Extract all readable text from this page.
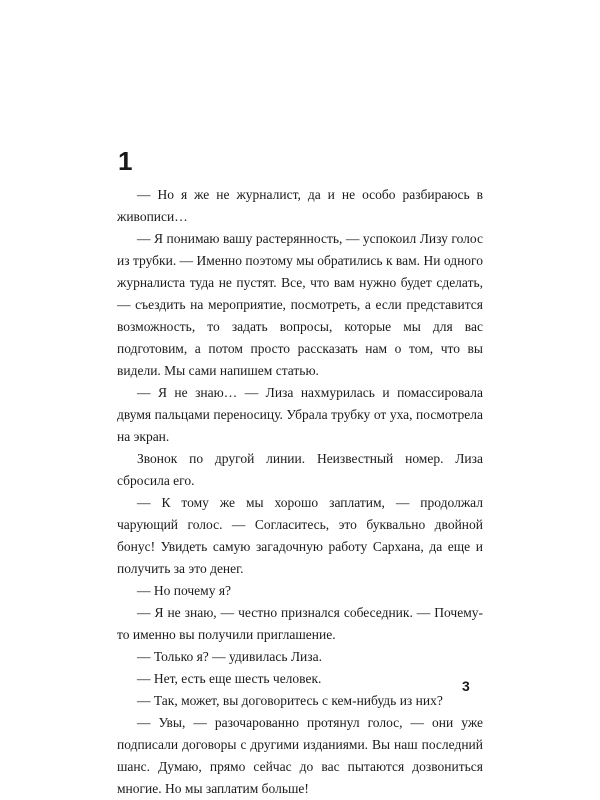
1

— Но я же не журналист, да и не особо разбираюсь в живописи…

— Я понимаю вашу растерянность, — успокоил Лизу голос из трубки. — Именно поэтому мы обратились к вам. Ни одного журналиста туда не пустят. Все, что вам нужно будет сделать, — съездить на мероприятие, посмотреть, а если представится возможность, то задать вопросы, которые мы для вас подготовим, а потом просто рассказать нам о том, что вы видели. Мы сами напишем статью.

— Я не знаю… — Лиза нахмурилась и помассировала двумя пальцами переносицу. Убрала трубку от уха, посмотрела на экран.

Звонок по другой линии. Неизвестный номер. Лиза сбросила его.

— К тому же мы хорошо заплатим, — продолжал чарующий голос. — Согласитесь, это буквально двойной бонус! Увидеть самую загадочную работу Сархана, да еще и получить за это денег.

— Но почему я?

— Я не знаю, — честно признался собеседник. — Почему-то именно вы получили приглашение.

— Только я? — удивилась Лиза.

— Нет, есть еще шесть человек.

— Так, может, вы договоритесь с кем-нибудь из них?

— Увы, — разочарованно протянул голос, — они уже подписали договоры с другими изданиями. Вы наш последний шанс. Думаю, прямо сейчас до вас пытаются дозвониться многие. Но мы заплатим больше!

3
